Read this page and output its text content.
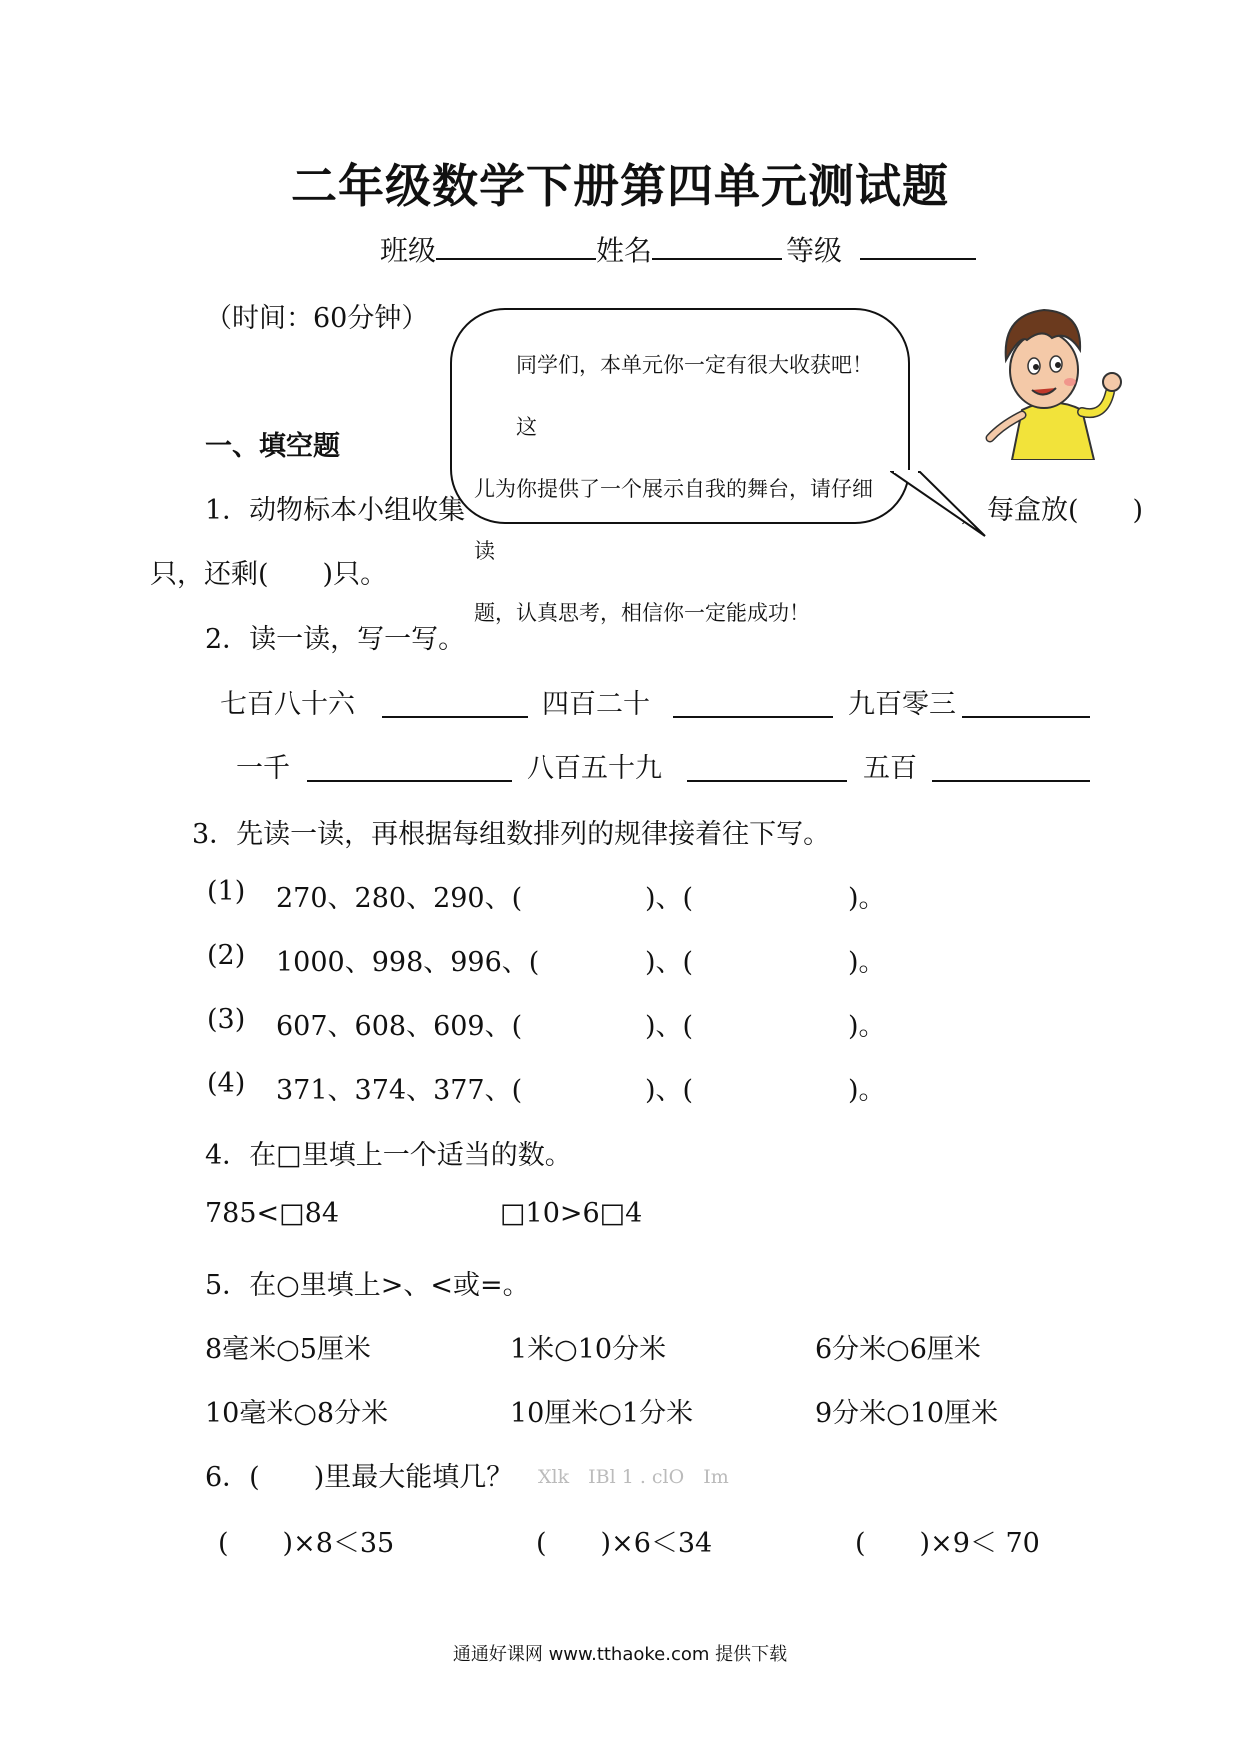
二年级数学下册第四单元测试题
班级	姓名	等级
（时间：60分钟）
同学们，本单元你一定有很大收获吧！这
儿为你提供了一个展示自我的舞台，请仔细读
题，认真思考，相信你一定能成功！
一、填空题
1．动物标本小组收集	，每盒放(　　)
只，还剩(　　)只。
2．读一读，写一写。
七百八十六	四百二十	九百零三
一千	八百五十九	五百
3．先读一读，再根据每组数排列的规律接着往下写。
(1) 270、280、290、(	)、(	)。
(2) 1000、998、996、(	)、(	)。
(3) 607、608、609、(	)、(	)。
(4) 371、374、377、(	)、(	)。
4．在□里填上一个适当的数。
785<□84	□10>6□4
5．在○里填上>、<或=。
8毫米○5厘米	1米○10分米	6分米○6厘米
10毫米○8分米	10厘米○1分米	9分米○10厘米
6．(　　)里最大能填几？ Xlk　IBl 1 . clO　Im
(　　)×8＜35	(　　)×6＜34	(　　)×9＜ 70
通通好课网 www.tthaoke.com 提供下载
